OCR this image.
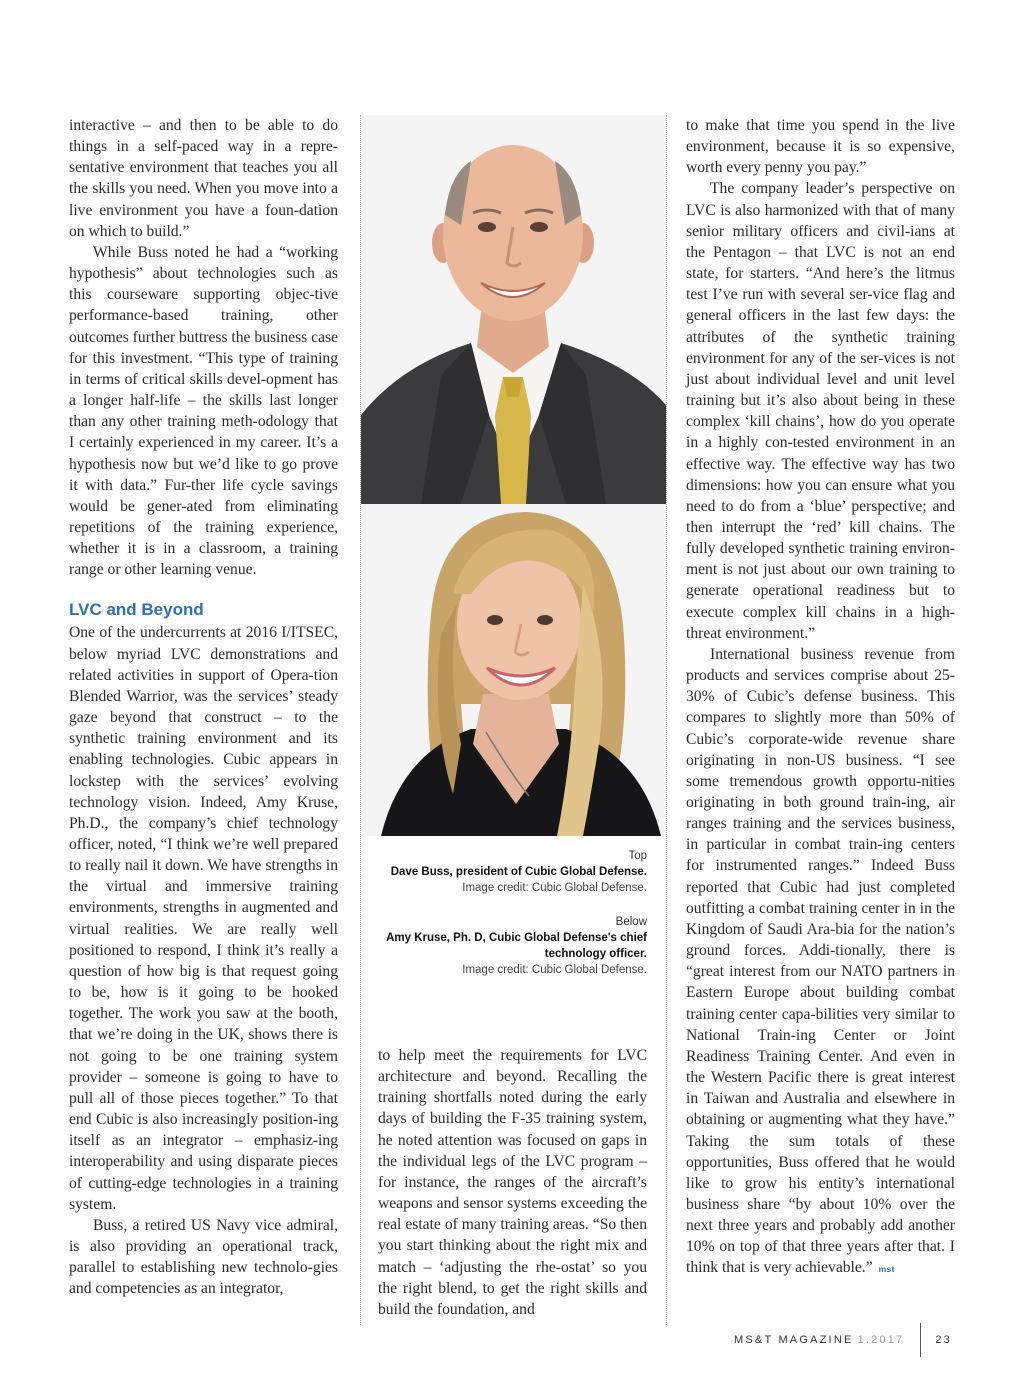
interactive – and then to be able to do things in a self-paced way in a repre-sentative environment that teaches you all the skills you need. When you move into a live environment you have a foun-dation on which to build.”

While Buss noted he had a “working hypothesis” about technologies such as this courseware supporting objec-tive performance-based training, other outcomes further buttress the business case for this investment. “This type of training in terms of critical skills devel-opment has a longer half-life – the skills last longer than any other training meth-odology that I certainly experienced in my career. It’s a hypothesis now but we’d like to go prove it with data.” Fur-ther life cycle savings would be gener-ated from eliminating repetitions of the training experience, whether it is in a classroom, a training range or other learning venue.

LVC and Beyond

One of the undercurrents at 2016 I/ITSEC, below myriad LVC demonstrations and related activities in support of Opera-tion Blended Warrior, was the services’ steady gaze beyond that construct – to the synthetic training environment and its enabling technologies. Cubic appears in lockstep with the services’ evolving technology vision. Indeed, Amy Kruse, Ph.D., the company’s chief technology officer, noted, “I think we’re well prepared to really nail it down. We have strengths in the virtual and immersive training environments, strengths in augmented and virtual realities. We are really well positioned to respond, I think it’s really a question of how big is that request going to be, how is it going to be hooked together. The work you saw at the booth, that we’re doing in the UK, shows there is not going to be one training system provider – someone is going to have to pull all of those pieces together.” To that end Cubic is also increasingly position-ing itself as an integrator – emphasiz-ing interoperability and using disparate pieces of cutting-edge technologies in a training system.

Buss, a retired US Navy vice admiral, is also providing an operational track, parallel to establishing new technolo-gies and competencies as an integrator,

Top
Dave Buss, president of Cubic Global Defense.
Image credit: Cubic Global Defense.
Below
Amy Kruse, Ph. D, Cubic Global Defense's chief technology officer.
Image credit: Cubic Global Defense.

to help meet the requirements for LVC architecture and beyond. Recalling the training shortfalls noted during the early days of building the F-35 training system, he noted attention was focused on gaps in the individual legs of the LVC program – for instance, the ranges of the aircraft’s weapons and sensor systems exceeding the real estate of many training areas. “So then you start thinking about the right mix and match – ‘adjusting the rhe-ostat’ so you the right blend, to get the right skills and build the foundation, and

to make that time you spend in the live environment, because it is so expensive, worth every penny you pay.”

The company leader’s perspective on LVC is also harmonized with that of many senior military officers and civil-ians at the Pentagon – that LVC is not an end state, for starters. “And here’s the litmus test I’ve run with several ser-vice flag and general officers in the last few days: the attributes of the synthetic training environment for any of the ser-vices is not just about individual level and unit level training but it’s also about being in these complex ‘kill chains’, how do you operate in a highly con-tested environment in an effective way. The effective way has two dimensions: how you can ensure what you need to do from a ‘blue’ perspective; and then interrupt the ‘red’ kill chains. The fully developed synthetic training environ-ment is not just about our own training to generate operational readiness but to execute complex kill chains in a high-threat environment.”

International business revenue from products and services comprise about 25-30% of Cubic’s defense business. This compares to slightly more than 50% of Cubic’s corporate-wide revenue share originating in non-US business. “I see some tremendous growth opportu-nities originating in both ground train-ing, air ranges training and the services business, in particular in combat train-ing centers for instrumented ranges.” Indeed Buss reported that Cubic had just completed outfitting a combat training center in in the Kingdom of Saudi Ara-bia for the nation’s ground forces. Addi-tionally, there is “great interest from our NATO partners in Eastern Europe about building combat training center capa-bilities very similar to National Train-ing Center or Joint Readiness Training Center. And even in the Western Pacific there is great interest in Taiwan and Australia and elsewhere in obtaining or augmenting what they have.” Taking the sum totals of these opportunities, Buss offered that he would like to grow his entity’s international business share “by about 10% over the next three years and probably add another 10% on top of that three years after that. I think that is very achievable.” mst

MS&T MAGAZINE 1.2017	23
